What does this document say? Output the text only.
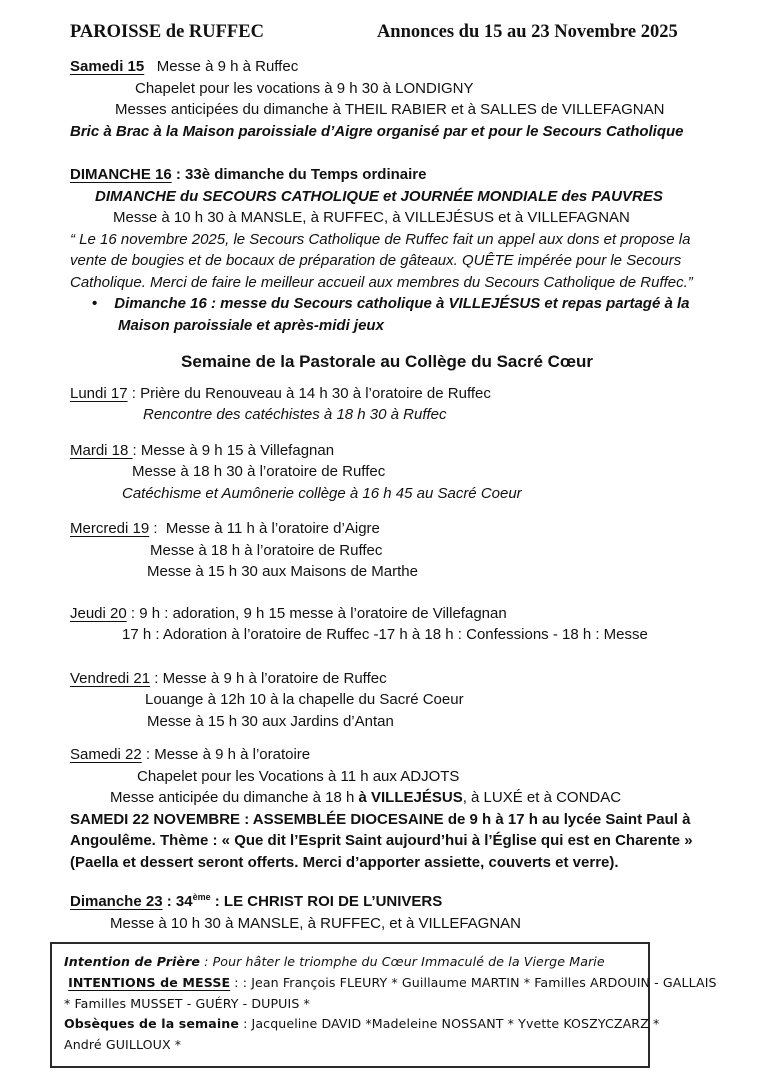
PAROISSE de RUFFEC	Annonces du 15 au 23 Novembre 2025
Samedi 15   Messe à 9 h à Ruffec
Chapelet pour les vocations à 9 h 30 à LONDIGNY
Messes anticipées du dimanche à THEIL RABIER et à SALLES de VILLEFAGNAN
Bric à Brac à la Maison paroissiale d’Aigre organisé par et pour le Secours Catholique
DIMANCHE 16 : 33è dimanche du Temps ordinaire
DIMANCHE du SECOURS CATHOLIQUE et JOURNÉE MONDIALE des PAUVRES
Messe à 10 h 30 à MANSLE, à RUFFEC, à VILLEJÉSUS et à VILLEFAGNAN
“ Le 16 novembre 2025, le Secours Catholique de Ruffec fait un appel aux dons et propose la
vente de bougies et de bocaux de préparation de gâteaux. QUÊTE impérée pour le Secours
Catholique. Merci de faire le meilleur accueil aux membres du Secours Catholique de Ruffec.”
• Dimanche 16 : messe du Secours catholique à VILLEJÉSUS et repas partagé à la
Maison paroissiale et après-midi jeux
Semaine de la Pastorale au Collège du Sacré Cœur
Lundi 17 : Prière du Renouveau à 14 h 30 à l’oratoire de Ruffec
Rencontre des catéchistes à 18 h 30 à Ruffec
Mardi 18 : Messe à 9 h 15 à Villefagnan
Messe à 18 h 30 à l’oratoire de Ruffec
Catéchisme et Aumônerie collège à 16 h 45 au Sacré Coeur
Mercredi 19 :  Messe à 11 h à l’oratoire d’Aigre
Messe à 18 h à l’oratoire de Ruffec
Messe à 15 h 30 aux Maisons de Marthe
Jeudi 20 : 9 h : adoration, 9 h 15 messe à l’oratoire de Villefagnan
17 h : Adoration à l’oratoire de Ruffec -17 h à 18 h : Confessions - 18 h : Messe
Vendredi 21 : Messe à 9 h à l’oratoire de Ruffec
Louange à 12h 10 à la chapelle du Sacré Coeur
Messe à 15 h 30 aux Jardins d’Antan
Samedi 22 : Messe à 9 h à l’oratoire
Chapelet pour les Vocations à 11 h aux ADJOTS
Messe anticipée du dimanche à 18 h à VILLEJÉSUS, à LUXÉ et à CONDAC
SAMEDI 22 NOVEMBRE : ASSEMBLÉE DIOCESAINE de 9 h à 17 h au lycée Saint Paul à
Angoulême. Thème : « Que dit l’Esprit Saint aujourd’hui à l’Église qui est en Charente »
(Paella et dessert seront offerts. Merci d’apporter assiette, couverts et verre).
Dimanche 23 : 34ème : LE CHRIST ROI DE L’UNIVERS
Messe à 10 h 30 à MANSLE, à RUFFEC, et à VILLEFAGNAN
Intention de Prière : Pour hâter le triomphe du Cœur Immaculé de la Vierge Marie
INTENTIONS de MESSE : : Jean François FLEURY * Guillaume MARTIN * Familles ARDOUIN - GALLAIS
* Familles MUSSET - GUÉRY - DUPUIS *
Obsèques de la semaine : Jacqueline DAVID *Madeleine NOSSANT * Yvette KOSZYCZARZ *
André GUILLOUX *
